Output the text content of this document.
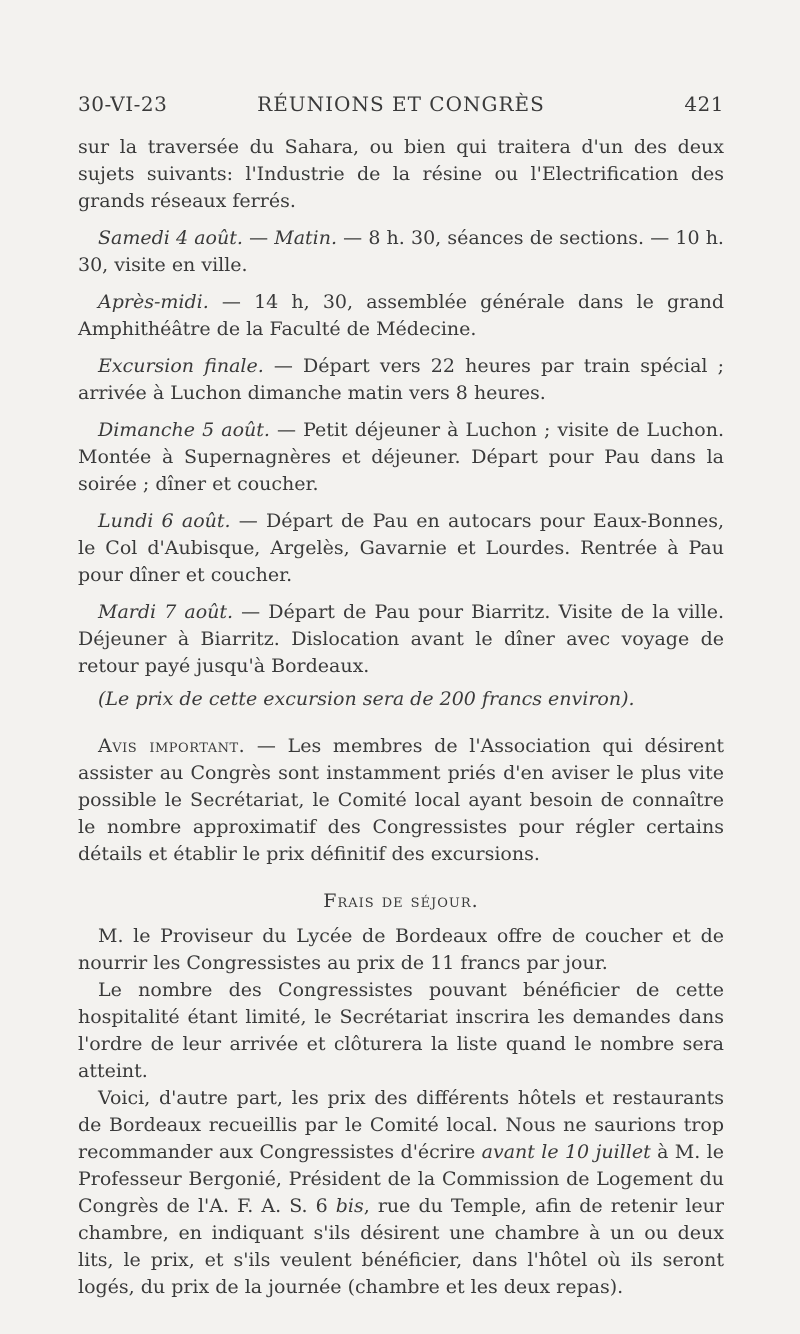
30-VI-23	RÉUNIONS ET CONGRÈS	421

sur la traversée du Sahara, ou bien qui traitera d'un des deux sujets suivants: l'Industrie de la résine ou l'Electrification des grands réseaux ferrés.

Samedi 4 août. — Matin. — 8 h. 30, séances de sections. — 10 h. 30, visite en ville.

Après-midi. — 14 h, 30, assemblée générale dans le grand Amphithéâtre de la Faculté de Médecine.

Excursion finale. — Départ vers 22 heures par train spécial ; arrivée à Luchon dimanche matin vers 8 heures.

Dimanche 5 août. — Petit déjeuner à Luchon ; visite de Luchon. Montée à Supernagnères et déjeuner. Départ pour Pau dans la soirée ; dîner et coucher.

Lundi 6 août. — Départ de Pau en autocars pour Eaux-Bonnes, le Col d'Aubisque, Argelès, Gavarnie et Lourdes. Rentrée à Pau pour dîner et coucher.

Mardi 7 août. — Départ de Pau pour Biarritz. Visite de la ville. Déjeuner à Biarritz. Dislocation avant le dîner avec voyage de retour payé jusqu'à Bordeaux.

(Le prix de cette excursion sera de 200 francs environ).

Avis important. — Les membres de l'Association qui désirent assister au Congrès sont instamment priés d'en aviser le plus vite possible le Secrétariat, le Comité local ayant besoin de connaître le nombre approximatif des Congressistes pour régler certains détails et établir le prix définitif des excursions.

Frais de séjour.

M. le Proviseur du Lycée de Bordeaux offre de coucher et de nourrir les Congressistes au prix de 11 francs par jour.

Le nombre des Congressistes pouvant bénéficier de cette hospitalité étant limité, le Secrétariat inscrira les demandes dans l'ordre de leur arrivée et clôturera la liste quand le nombre sera atteint.

Voici, d'autre part, les prix des différents hôtels et restaurants de Bordeaux recueillis par le Comité local. Nous ne saurions trop recommander aux Congressistes d'écrire avant le 10 juillet à M. le Professeur Bergonié, Président de la Commission de Logement du Congrès de l'A. F. A. S. 6 bis, rue du Temple, afin de retenir leur chambre, en indiquant s'ils désirent une chambre à un ou deux lits, le prix, et s'ils veulent bénéficier, dans l'hôtel où ils seront logés, du prix de la journée (chambre et les deux repas).
